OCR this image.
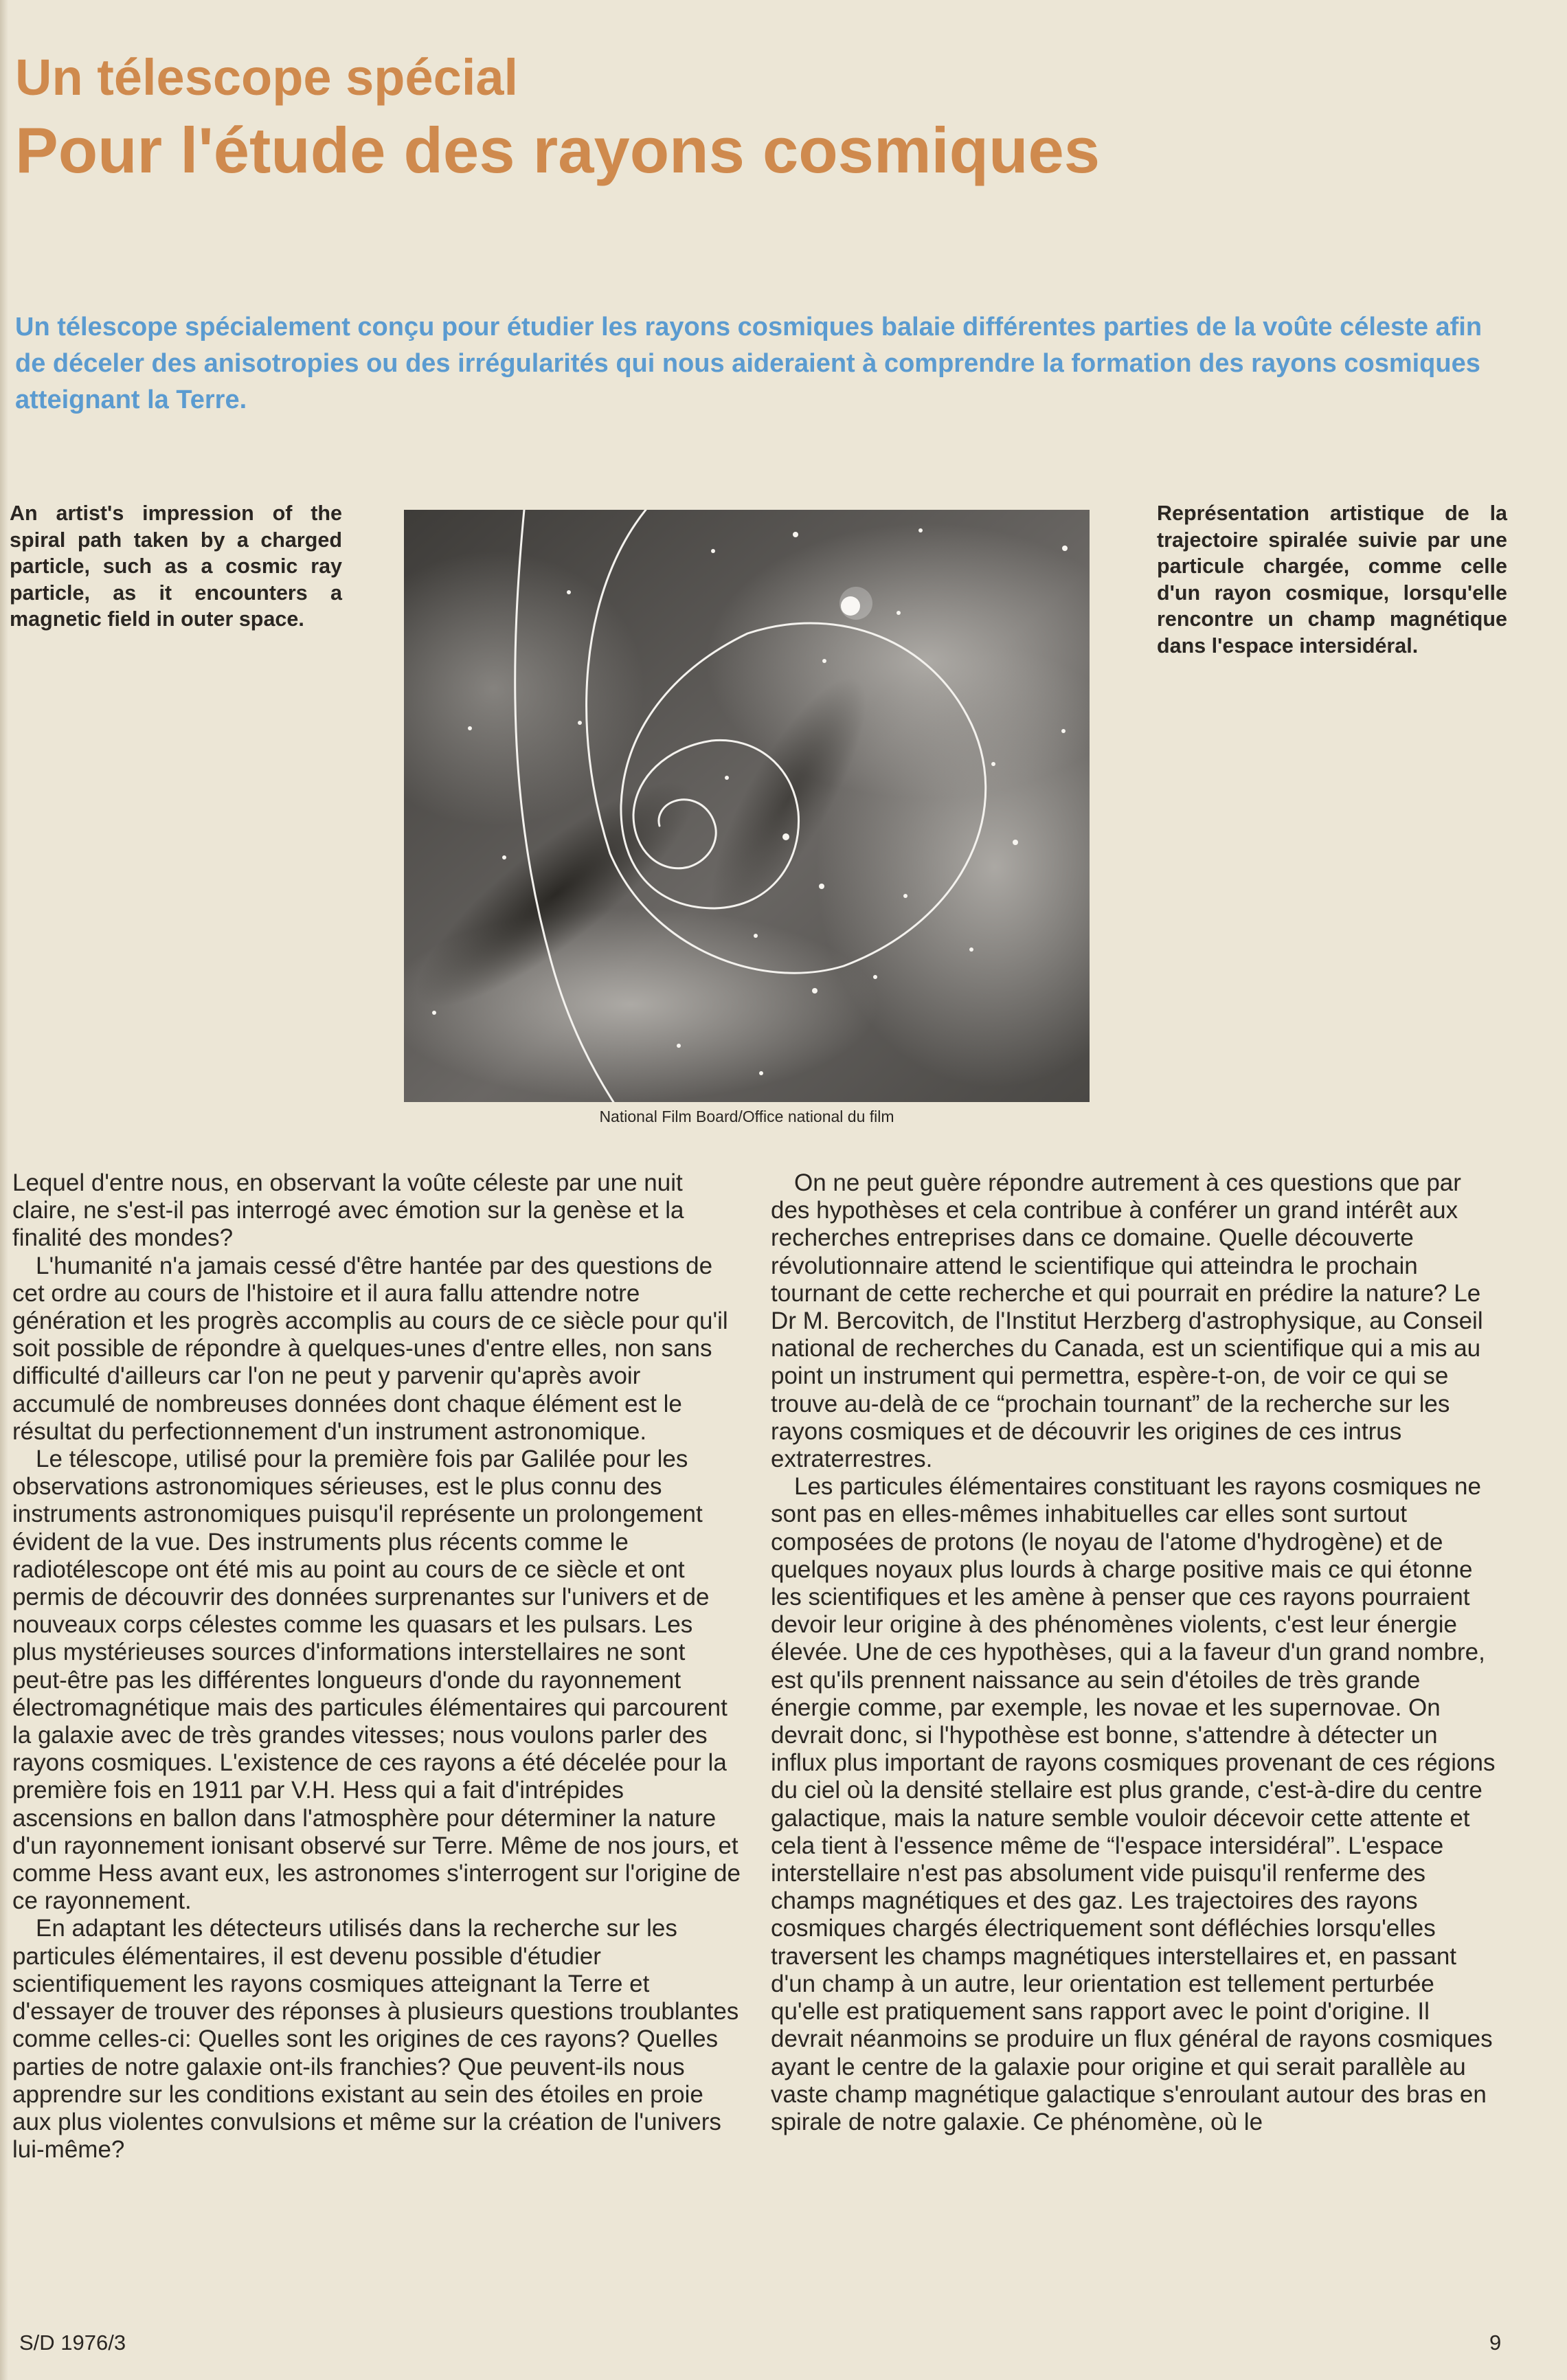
Un télescope spécial
Pour l'étude des rayons cosmiques
Un télescope spécialement conçu pour étudier les rayons cosmiques balaie différentes parties de la voûte céleste afin de déceler des anisotropies ou des irrégularités qui nous aideraient à comprendre la formation des rayons cosmiques atteignant la Terre.
An artist's impression of the spiral path taken by a charged particle, such as a cosmic ray particle, as it encounters a magnetic field in outer space.
Représentation artistique de la trajectoire spiralée suivie par une particule chargée, comme celle d'un rayon cosmique, lorsqu'elle rencontre un champ magnétique dans l'espace intersidéral.
National Film Board/Office national du film

Lequel d'entre nous, en observant la voûte céleste par une nuit claire, ne s'est-il pas interrogé avec émotion sur la genèse et la finalité des mondes?

L'humanité n'a jamais cessé d'être hantée par des questions de cet ordre au cours de l'histoire et il aura fallu attendre notre génération et les progrès accomplis au cours de ce siècle pour qu'il soit possible de répondre à quelques-unes d'entre elles, non sans difficulté d'ailleurs car l'on ne peut y parvenir qu'après avoir accumulé de nombreuses données dont chaque élément est le résultat du perfectionnement d'un instrument astronomique.

Le télescope, utilisé pour la première fois par Galilée pour les observations astronomiques sérieuses, est le plus connu des instruments astronomiques puisqu'il représente un prolongement évident de la vue. Des instruments plus récents comme le radiotélescope ont été mis au point au cours de ce siècle et ont permis de découvrir des données surprenantes sur l'univers et de nouveaux corps célestes comme les quasars et les pulsars. Les plus mystérieuses sources d'informations interstellaires ne sont peut-être pas les différentes longueurs d'onde du rayonnement électromagnétique mais des particules élémentaires qui parcourent la galaxie avec de très grandes vitesses; nous voulons parler des rayons cosmiques. L'existence de ces rayons a été décelée pour la première fois en 1911 par V.H. Hess qui a fait d'intrépides ascensions en ballon dans l'atmosphère pour déterminer la nature d'un rayonnement ionisant observé sur Terre. Même de nos jours, et comme Hess avant eux, les astronomes s'interrogent sur l'origine de ce rayonnement.

En adaptant les détecteurs utilisés dans la recherche sur les particules élémentaires, il est devenu possible d'étudier scientifiquement les rayons cosmiques atteignant la Terre et d'essayer de trouver des réponses à plusieurs questions troublantes comme celles-ci: Quelles sont les origines de ces rayons? Quelles parties de notre galaxie ont-ils franchies? Que peuvent-ils nous apprendre sur les conditions existant au sein des étoiles en proie aux plus violentes convulsions et même sur la création de l'univers lui-même?

On ne peut guère répondre autrement à ces questions que par des hypothèses et cela contribue à conférer un grand intérêt aux recherches entreprises dans ce domaine. Quelle découverte révolutionnaire attend le scientifique qui atteindra le prochain tournant de cette recherche et qui pourrait en prédire la nature? Le Dr M. Bercovitch, de l'Institut Herzberg d'astrophysique, au Conseil national de recherches du Canada, est un scientifique qui a mis au point un instrument qui permettra, espère-t-on, de voir ce qui se trouve au-delà de ce “prochain tournant” de la recherche sur les rayons cosmiques et de découvrir les origines de ces intrus extraterrestres.

Les particules élémentaires constituant les rayons cosmiques ne sont pas en elles-mêmes inhabituelles car elles sont surtout composées de protons (le noyau de l'atome d'hydrogène) et de quelques noyaux plus lourds à charge positive mais ce qui étonne les scientifiques et les amène à penser que ces rayons pourraient devoir leur origine à des phénomènes violents, c'est leur énergie élevée. Une de ces hypothèses, qui a la faveur d'un grand nombre, est qu'ils prennent naissance au sein d'étoiles de très grande énergie comme, par exemple, les novae et les supernovae. On devrait donc, si l'hypothèse est bonne, s'attendre à détecter un influx plus important de rayons cosmiques provenant de ces régions du ciel où la densité stellaire est plus grande, c'est-à-dire du centre galactique, mais la nature semble vouloir décevoir cette attente et cela tient à l'essence même de “l'espace intersidéral”. L'espace interstellaire n'est pas absolument vide puisqu'il renferme des champs magnétiques et des gaz. Les trajectoires des rayons cosmiques chargés électriquement sont défléchies lorsqu'elles traversent les champs magnétiques interstellaires et, en passant d'un champ à un autre, leur orientation est tellement perturbée qu'elle est pratiquement sans rapport avec le point d'origine. Il devrait néanmoins se produire un flux général de rayons cosmiques ayant le centre de la galaxie pour origine et qui serait parallèle au vaste champ magnétique galactique s'enroulant autour des bras en spirale de notre galaxie. Ce phénomène, où le

S/D 1976/3	9
